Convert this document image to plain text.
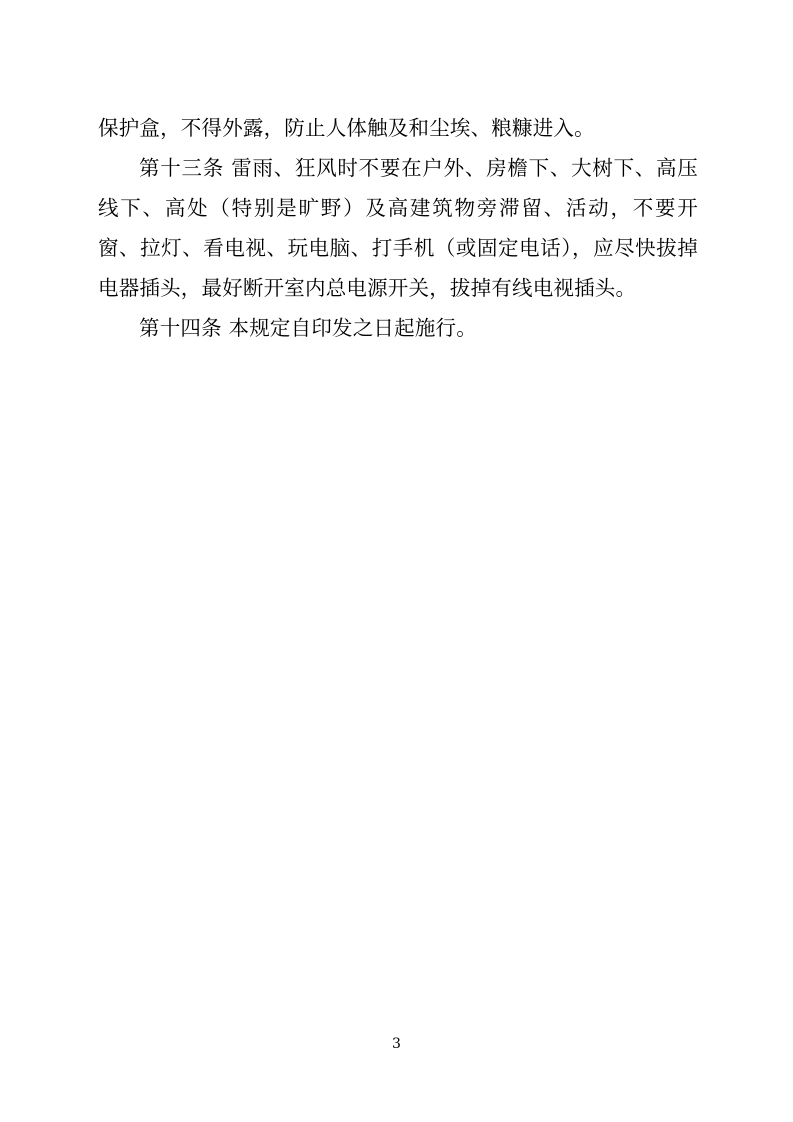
保护盒，不得外露，防止人体触及和尘埃、粮糠进入。

第十三条 雷雨、狂风时不要在户外、房檐下、大树下、高压线下、高处（特别是旷野）及高建筑物旁滞留、活动，不要开窗、拉灯、看电视、玩电脑、打手机（或固定电话），应尽快拔掉电器插头，最好断开室内总电源开关，拔掉有线电视插头。

第十四条 本规定自印发之日起施行。

3
